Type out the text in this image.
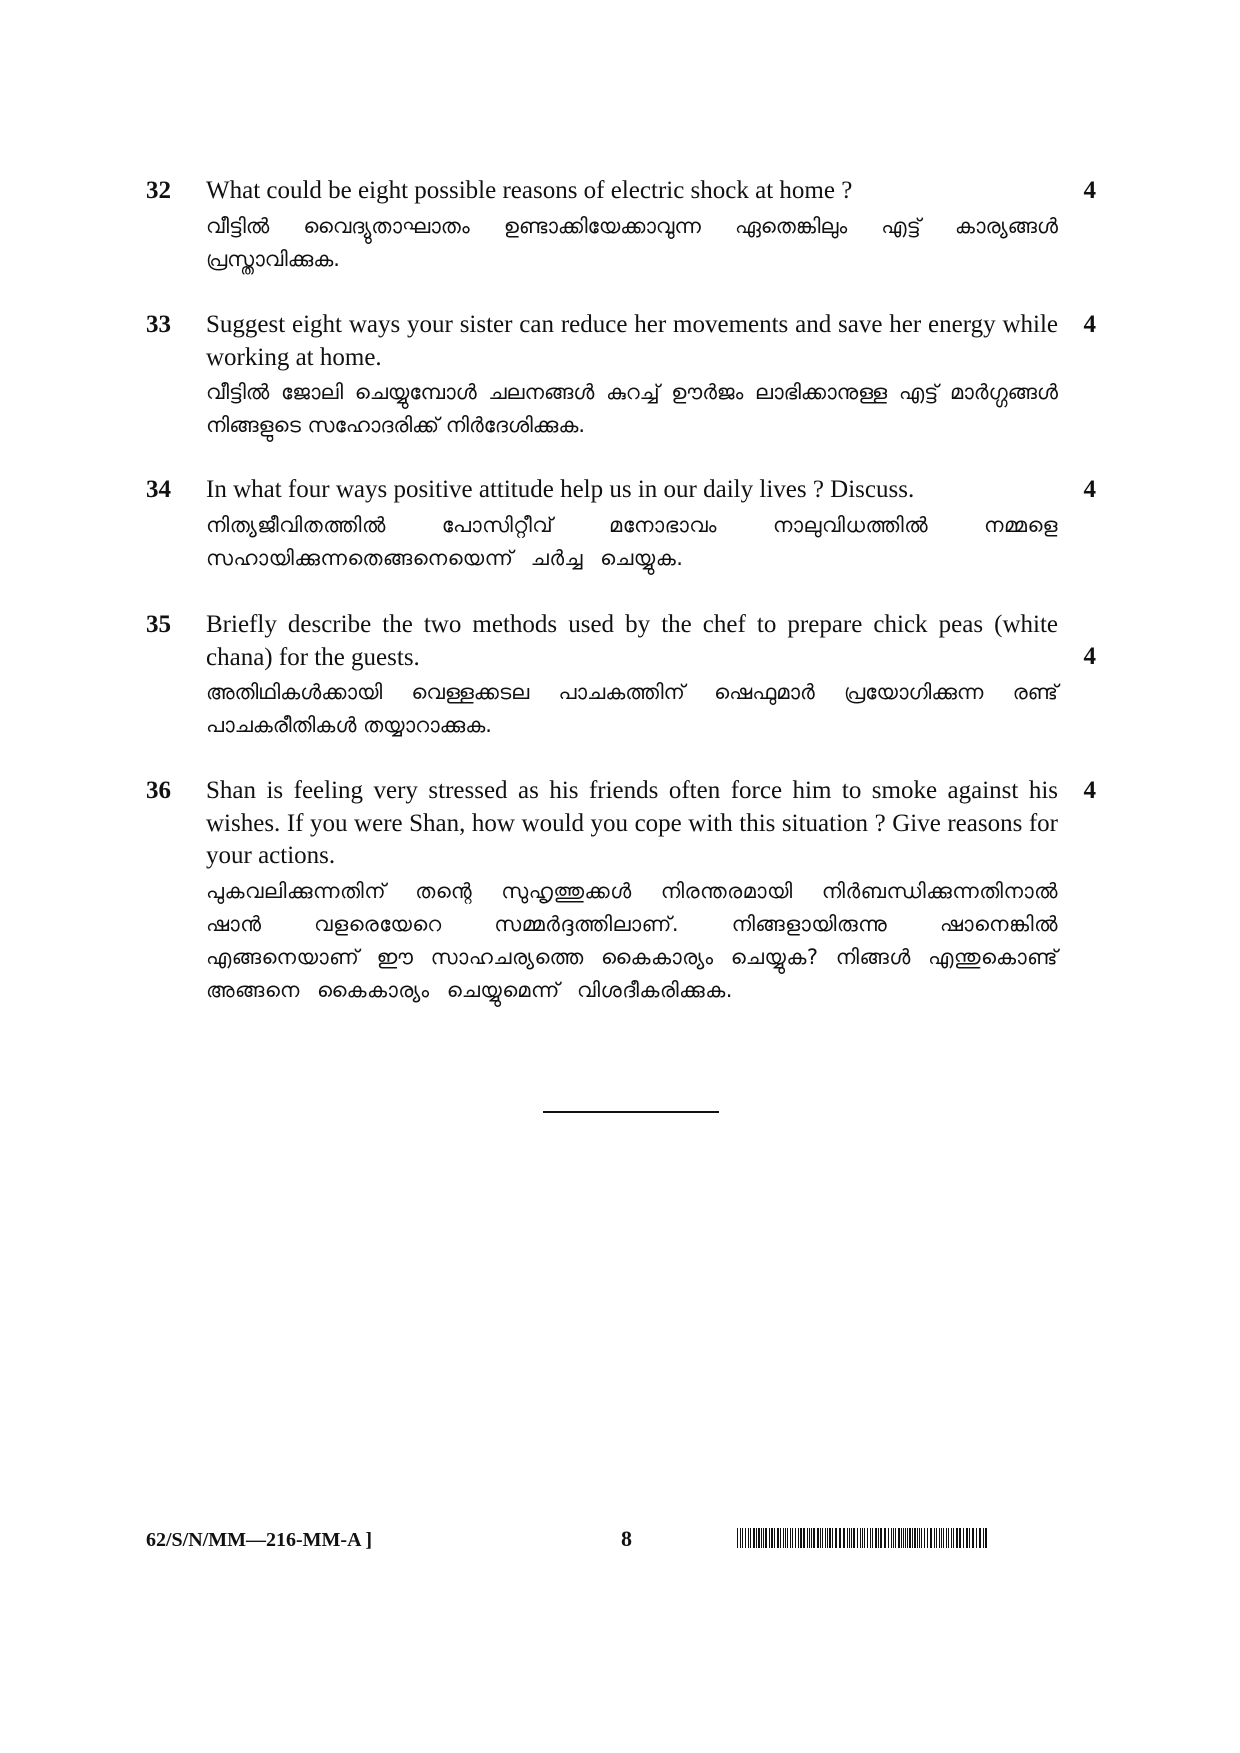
32 What could be eight possible reasons of electric shock at home ?

വീട്ടിൽ വൈദ്യുതാഘാതം ഉണ്ടാക്കിയേക്കാവുന്ന ഏതെങ്കിലും എട്ട് കാര്യങ്ങൾ പ്രസ്താവിക്കുക.

4
33 Suggest eight ways your sister can reduce her movements and save her energy while working at home.

വീട്ടിൽ ജോലി ചെയ്യുമ്പോൾ ചലനങ്ങൾ കുറച്ച് ഊർജം ലാഭിക്കാനുള്ള എട്ട് മാർഗ്ഗങ്ങൾ നിങ്ങളുടെ സഹോദരിക്ക് നിർദേശിക്കുക.

4
34 In what four ways positive attitude help us in our daily lives ? Discuss.

നിത്യജീവിതത്തിൽ പോസിറ്റീവ് മനോഭാവം നാലുവിധത്തിൽ നമ്മളെ സഹായിക്കുന്നതെങ്ങനെയെന്ന് ചർച്ച ചെയ്യുക.

4
35 Briefly describe the two methods used by the chef to prepare chick peas (white chana) for the guests.

അതിഥികൾക്കായി വെള്ളക്കടല പാചകത്തിന് ഷെഫുമാർ പ്രയോഗിക്കുന്ന രണ്ട് പാചകരീതികൾ തയ്യാറാക്കുക.

4
36 Shan is feeling very stressed as his friends often force him to smoke against his wishes. If you were Shan, how would you cope with this situation ? Give reasons for your actions.

പുകവലിക്കുന്നതിന് തന്റെ സുഹൃത്തുക്കൾ നിരന്തരമായി നിർബന്ധിക്കുന്നതിനാൽ ഷാൻ വളരെയേറെ സമ്മർദ്ദത്തിലാണ്. നിങ്ങളായിരുന്നു ഷാനെങ്കിൽ എങ്ങനെയാണ് ഈ സാഹചര്യത്തെ കൈകാര്യം ചെയ്യുക? നിങ്ങൾ എന്തുകൊണ്ട് അങ്ങനെ കൈകാര്യം ചെയ്യുമെന്ന് വിശദീകരിക്കുക.

4
62/S/N/MM—216-MM-A ]	8
